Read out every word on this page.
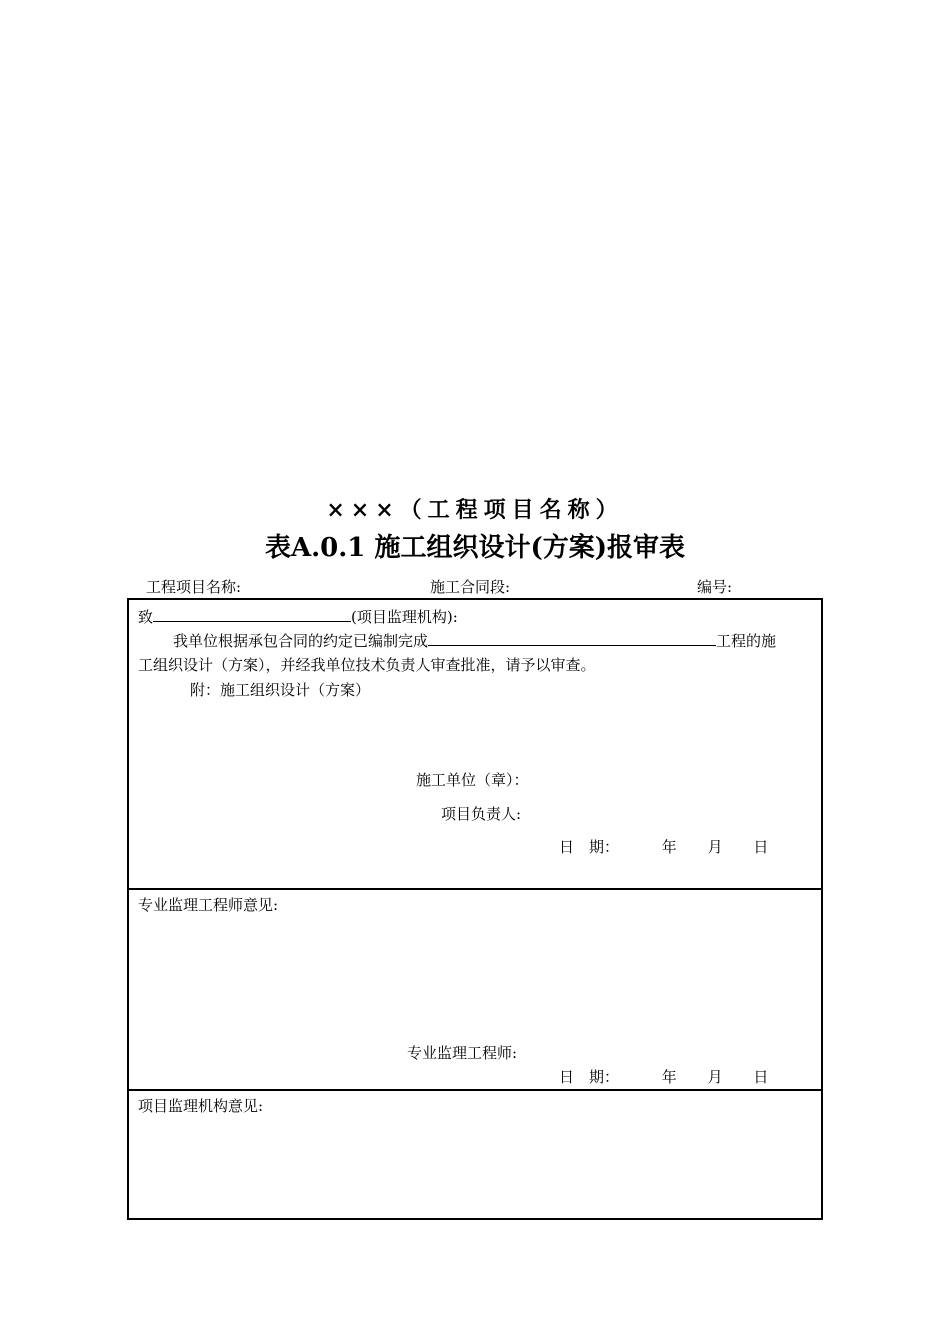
×××（工程项目名称）
表A.0.1 施工组织设计(方案)报审表
工程项目名称:	施工合同段:	编号:
致	(项目监理机构):
我单位根据承包合同的约定已编制完成	工程的施
工组织设计（方案），并经我单位技术负责人审查批准，请予以审查。
附：施工组织设计（方案）
施工单位（章）：
项目负责人:
日　期：	年 月 日
专业监理工程师意见:
专业监理工程师:
日　期：	年 月 日
项目监理机构意见:
